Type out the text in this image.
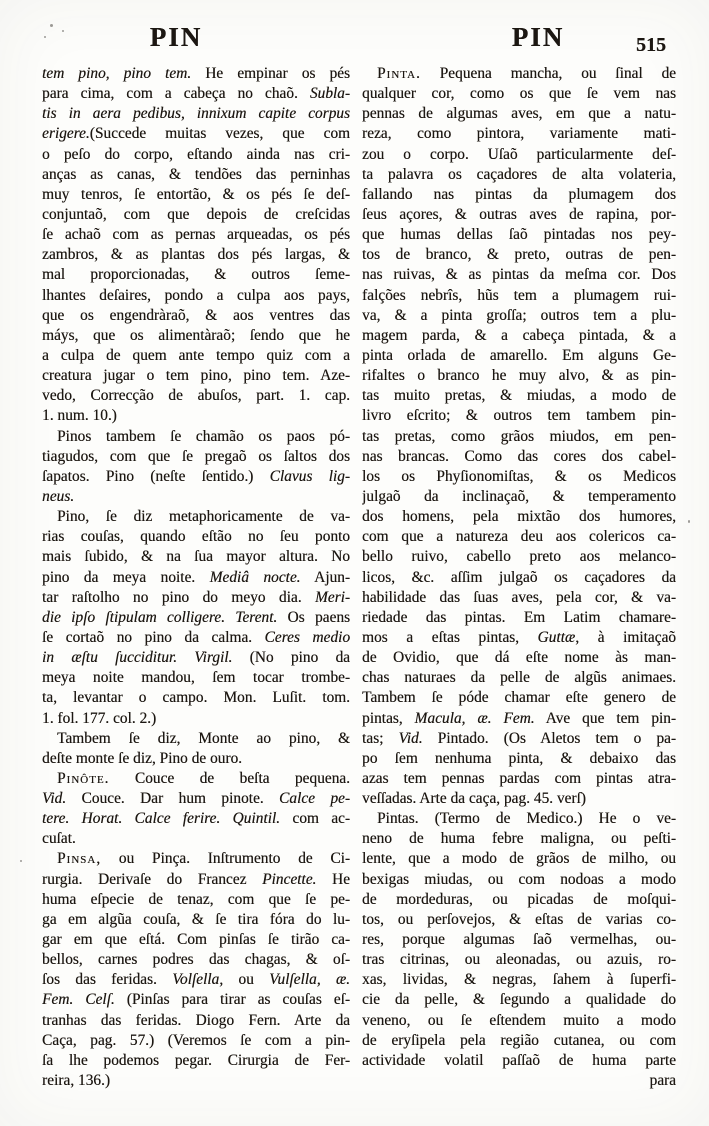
PIN	PIN	515
tem pino, pino tem. He empinar os pés
para cima, com a cabeça no chaõ. Subla-
tis in aera pedibus, innixum capite corpus
erigere.(Succede muitas vezes, que com
o peſo do corpo, eſtando ainda nas cri-
anças as canas, & tendões das perninhas
muy tenros, ſe entortão, & os pés ſe deſ-
conjuntaõ, com que depois de creſcidas
ſe achaõ com as pernas arqueadas, os pés
zambros, & as plantas dos pés largas, &
mal proporcionadas, & outros ſeme-
lhantes deſaires, pondo a culpa aos pays,
que os engendràraõ, & aos ventres das
máys, que os alimentàraõ; ſendo que he
a culpa de quem ante tempo quiz com a
creatura jugar o tem pino, pino tem. Aze-
vedo, Correcção de abuſos, part. 1. cap.
1. num. 10.)
Pinos tambem ſe chamão os paos pó-
tiagudos, com que ſe pregaõ os ſaltos dos
ſapatos. Pino (neſte ſentido.) Clavus lig-
neus.
Pino, ſe diz metaphoricamente de va-
rias couſas, quando eſtão no ſeu ponto
mais ſubido, & na ſua mayor altura. No
pino da meya noite. Mediâ nocte. Ajun-
tar raſtolho no pino do meyo dia. Meri-
die ipſo ſtipulam colligere. Terent. Os paens
ſe cortaõ no pino da calma. Ceres medio
in æſtu ſucciditur. Virgil. (No pino da
meya noite mandou, ſem tocar trombe-
ta, levantar o campo. Mon. Luſit. tom.
1. fol. 177. col. 2.)
Tambem ſe diz, Monte ao pino, &
deſte monte ſe diz, Pino de ouro.
Pinôte. Couce de beſta pequena.
Vid. Couce. Dar hum pinote. Calce pe-
tere. Horat. Calce ferire. Quintil. com ac-
cuſat.
Pinsa, ou Pinça. Inſtrumento de Ci-
rurgia. Derivaſe do Francez Pincette. He
huma eſpecie de tenaz, com que ſe pe-
ga em algũa couſa, & ſe tira fóra do lu-
gar em que eſtá. Com pinſas ſe tirão ca-
bellos, carnes podres das chagas, & oſ-
ſos das feridas. Volſella, ou Vulſella, æ.
Fem. Celſ. (Pinſas para tirar as couſas eſ-
tranhas das feridas. Diogo Fern. Arte da
Caça, pag. 57.) (Veremos ſe com a pin-
ſa lhe podemos pegar. Cirurgia de Fer-
reira, 136.)
Pinta. Pequena mancha, ou ſinal de
qualquer cor, como os que ſe vem nas
pennas de algumas aves, em que a natu-
reza, como pintora, variamente mati-
zou o corpo. Uſaõ particularmente deſ-
ta palavra os caçadores de alta volateria,
fallando nas pintas da plumagem dos
ſeus açores, & outras aves de rapina, por-
que humas dellas ſaõ pintadas nos pey-
tos de branco, & preto, outras de pen-
nas ruivas, & as pintas da meſma cor. Dos
falções nebrîs, hũs tem a plumagem rui-
va, & a pinta groſſa; outros tem a plu-
magem parda, & a cabeça pintada, & a
pinta orlada de amarello. Em alguns Ge-
rifaltes o branco he muy alvo, & as pin-
tas muito pretas, & miudas, a modo de
livro eſcrito; & outros tem tambem pin-
tas pretas, como grãos miudos, em pen-
nas brancas. Como das cores dos cabel-
los os Phyſionomiſtas, & os Medicos
julgaõ da inclinaçaõ, & temperamento
dos homens, pela mixtão dos humores,
com que a natureza deu aos colericos ca-
bello ruivo, cabello preto aos melanco-
licos, &c. aſſim julgaõ os caçadores da
habilidade das ſuas aves, pela cor, & va-
riedade das pintas. Em Latim chamare-
mos a eſtas pintas, Guttæ, à imitaçaõ
de Ovidio, que dá eſte nome às man-
chas naturaes da pelle de algũs animaes.
Tambem ſe póde chamar eſte genero de
pintas, Macula, æ. Fem. Ave que tem pin-
tas; Vid. Pintado. (Os Aletos tem o pa-
po ſem nenhuma pinta, & debaixo das
azas tem pennas pardas com pintas atra-
veſſadas. Arte da caça, pag. 45. verſ)
Pintas. (Termo de Medico.) He o ve-
neno de huma febre maligna, ou peſti-
lente, que a modo de grãos de milho, ou
bexigas miudas, ou com nodoas a modo
de mordeduras, ou picadas de moſqui-
tos, ou perſovejos, & eſtas de varias co-
res, porque algumas ſaõ vermelhas, ou-
tras citrinas, ou aleonadas, ou azuis, ro-
xas, lividas, & negras, ſahem à ſuperfi-
cie da pelle, & ſegundo a qualidade do
veneno, ou ſe eſtendem muito a modo
de eryſipela pela região cutanea, ou com
actividade volatil paſſaõ de huma parte
para
